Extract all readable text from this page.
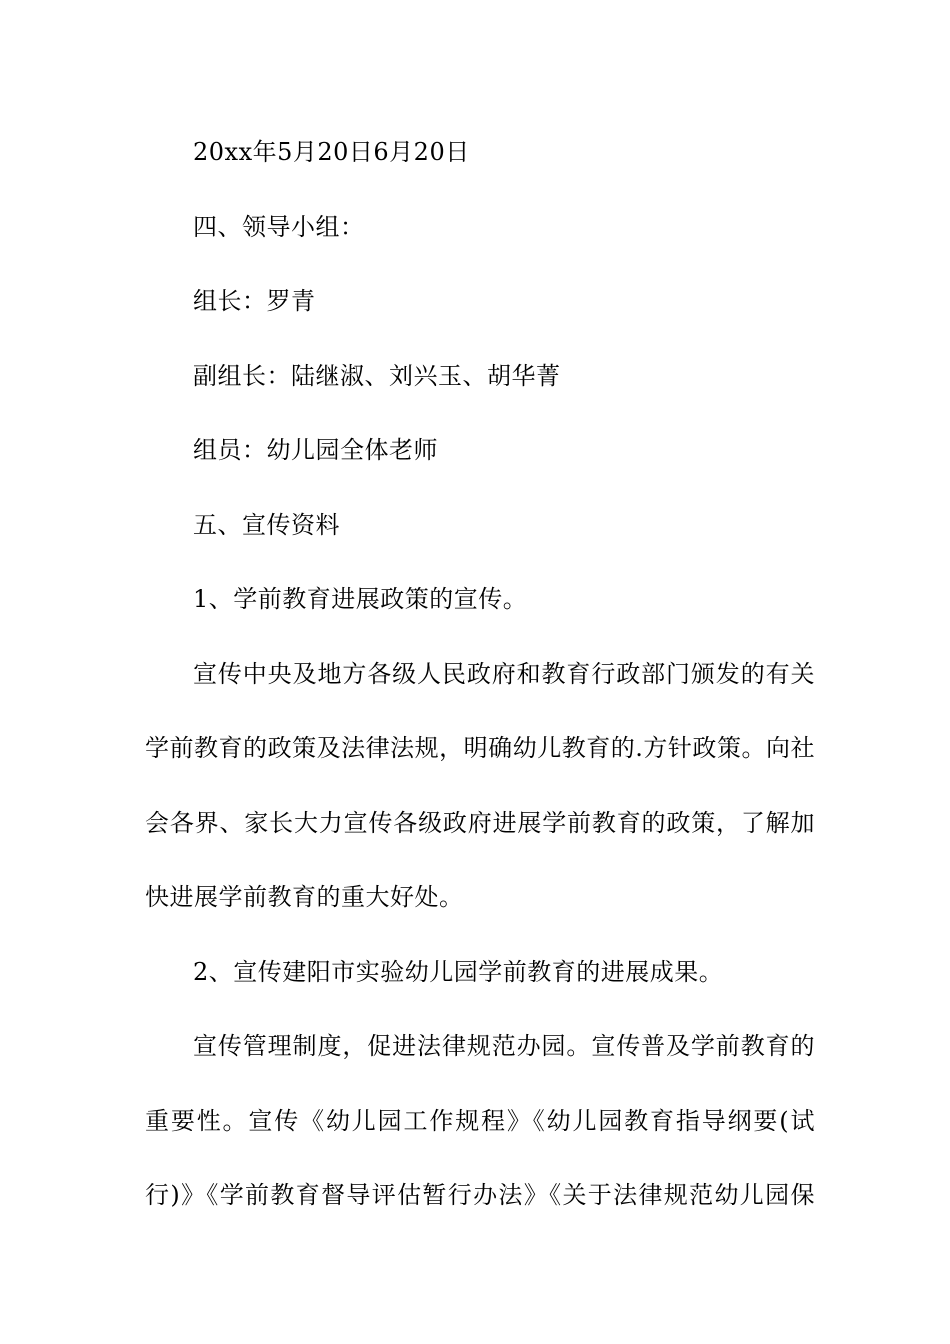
20xx年5月20日6月20日
四、领导小组：
组长：罗青
副组长：陆继淑、刘兴玉、胡华菁
组员：幼儿园全体老师
五、宣传资料
1、学前教育进展政策的宣传。
宣传中央及地方各级人民政府和教育行政部门颁发的有关
学前教育的政策及法律法规，明确幼儿教育的.方针政策。向社
会各界、家长大力宣传各级政府进展学前教育的政策，了解加
快进展学前教育的重大好处。
2、宣传建阳市实验幼儿园学前教育的进展成果。
宣传管理制度，促进法律规范办园。宣传普及学前教育的
重要性。宣传《幼儿园工作规程》《幼儿园教育指导纲要(试
行)》《学前教育督导评估暂行办法》《关于法律规范幼儿园保
